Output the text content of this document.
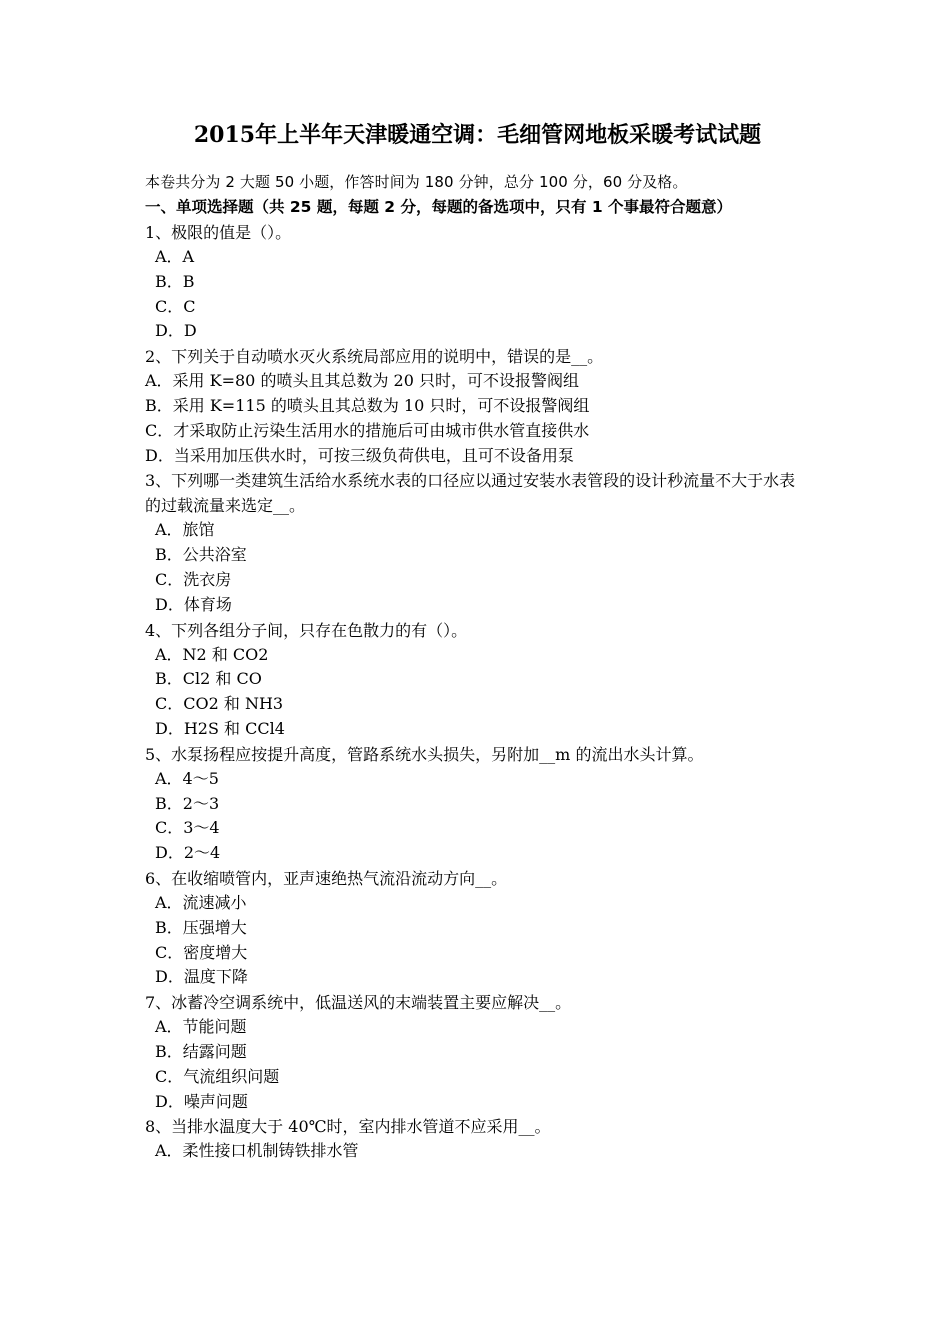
2015年上半年天津暖通空调：毛细管网地板采暖考试试题
本卷共分为 2 大题 50 小题，作答时间为 180 分钟，总分 100 分，60 分及格。
一、单项选择题（共 25 题，每题 2 分，每题的备选项中，只有 1 个事最符合题意）
1、极限的值是（）。
A．A
B．B
C．C
D．D
2、下列关于自动喷水灭火系统局部应用的说明中，错误的是__。
A．采用 K=80 的喷头且其总数为 20 只时，可不设报警阀组
B．采用 K=115 的喷头且其总数为 10 只时，可不设报警阀组
C．才采取防止污染生活用水的措施后可由城市供水管直接供水
D．当采用加压供水时，可按三级负荷供电，且可不设备用泵
3、下列哪一类建筑生活给水系统水表的口径应以通过安装水表管段的设计秒流量不大于水表的过载流量来选定__。
A．旅馆
B．公共浴室
C．洗衣房
D．体育场
4、下列各组分子间，只存在色散力的有（）。
A．N2 和 CO2
B．Cl2 和 CO
C．CO2 和 NH3
D．H2S 和 CCl4
5、水泵扬程应按提升高度，管路系统水头损失，另附加__m 的流出水头计算。
A．4～5
B．2～3
C．3～4
D．2～4
6、在收缩喷管内，亚声速绝热气流沿流动方向__。
A．流速减小
B．压强增大
C．密度增大
D．温度下降
7、冰蓄冷空调系统中，低温送风的末端装置主要应解决__。
A．节能问题
B．结露问题
C．气流组织问题
D．噪声问题
8、当排水温度大于 40℃时，室内排水管道不应采用__。
A．柔性接口机制铸铁排水管
